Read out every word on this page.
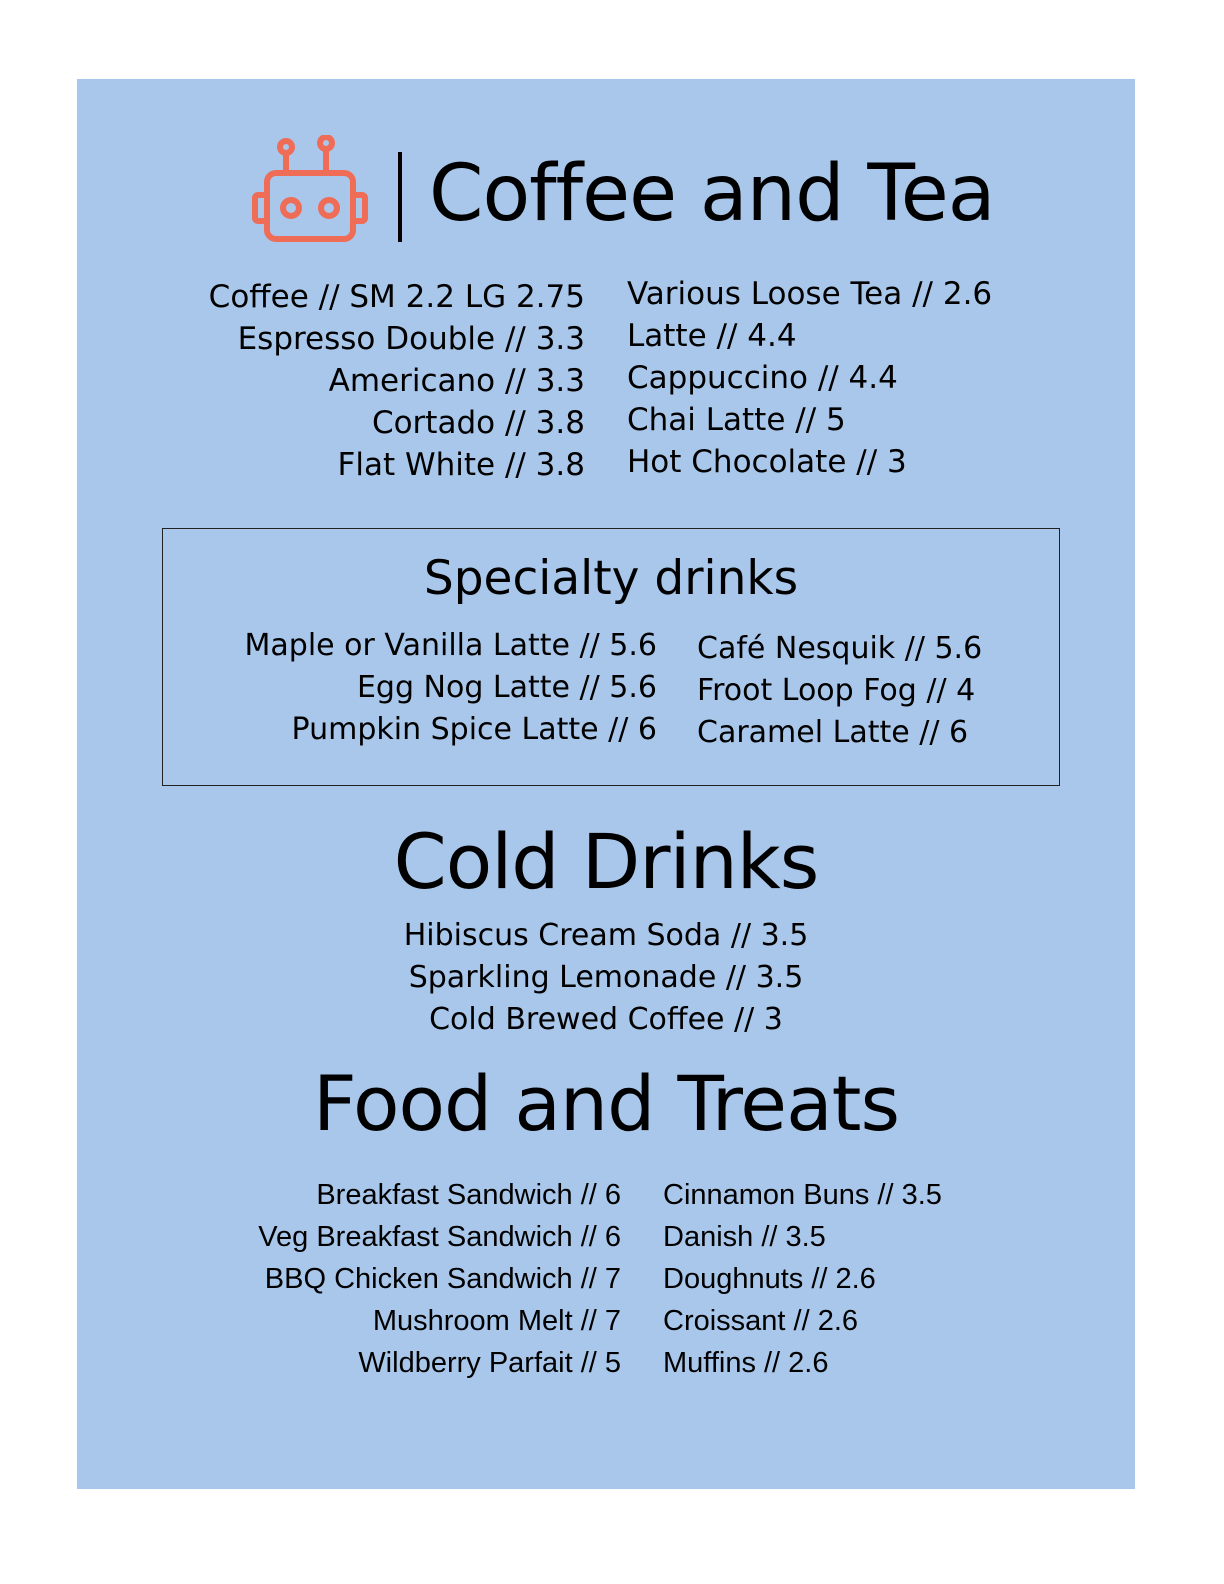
Coffee and Tea
Coffee // SM 2.2 LG 2.75
Espresso Double // 3.3
Americano // 3.3
Cortado // 3.8
Flat White // 3.8
Various Loose Tea // 2.6
Latte // 4.4
Cappuccino // 4.4
Chai Latte // 5
Hot Chocolate // 3
Specialty drinks
Maple or Vanilla Latte // 5.6
Egg Nog Latte // 5.6
Pumpkin Spice Latte // 6
Café Nesquik // 5.6
Froot Loop Fog // 4
Caramel Latte // 6
Cold Drinks
Hibiscus Cream Soda // 3.5
Sparkling Lemonade // 3.5
Cold Brewed Coffee // 3
Food and Treats
Breakfast Sandwich // 6
Veg Breakfast Sandwich // 6
BBQ Chicken Sandwich // 7
Mushroom Melt // 7
Wildberry Parfait // 5
Cinnamon Buns // 3.5
Danish // 3.5
Doughnuts // 2.6
Croissant // 2.6
Muffins // 2.6
